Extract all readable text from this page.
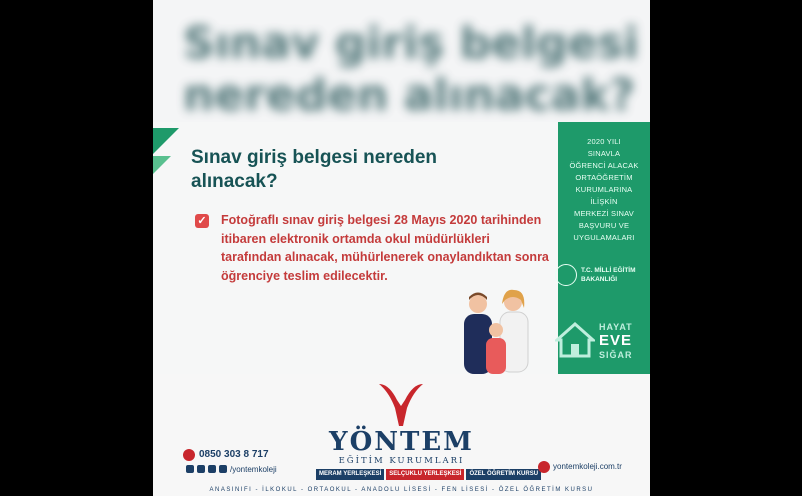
Sınav giriş belgesi nereden alınacak?
Sınav giriş belgesi nereden alınacak?
✓ Fotoğraflı sınav giriş belgesi 28 Mayıs 2020 tarihinden itibaren elektronik ortamda okul müdürlükleri tarafından alınacak, mühürlenerek onaylandıktan sonra öğrenciye teslim edilecektir.
2020 YILI
SINAVLA
ÖĞRENCİ ALACAK
ORTAÖĞRETİM
KURUMLARINA
İLİŞKİN
MERKEZİ SINAV
BAŞVURU VE
UYGULAMALARI
T.C. MİLLİ EĞİTİM
BAKANLIĞI
HAYAT
EVE
SIĞAR
YÖNTEM
EĞİTİM KURUMLARI
MERAM YERLEŞKESİ	SELÇUKLU YERLEŞKESİ	ÖZEL ÖĞRETİM KURSU
ANASINIFI - İLKOKUL - ORTAOKUL - ANADOLU LİSESİ - FEN LİSESİ - ÖZEL ÖĞRETİM KURSU
0850 303 8 717
/yontemkoleji	yontemkoleji.com.tr
